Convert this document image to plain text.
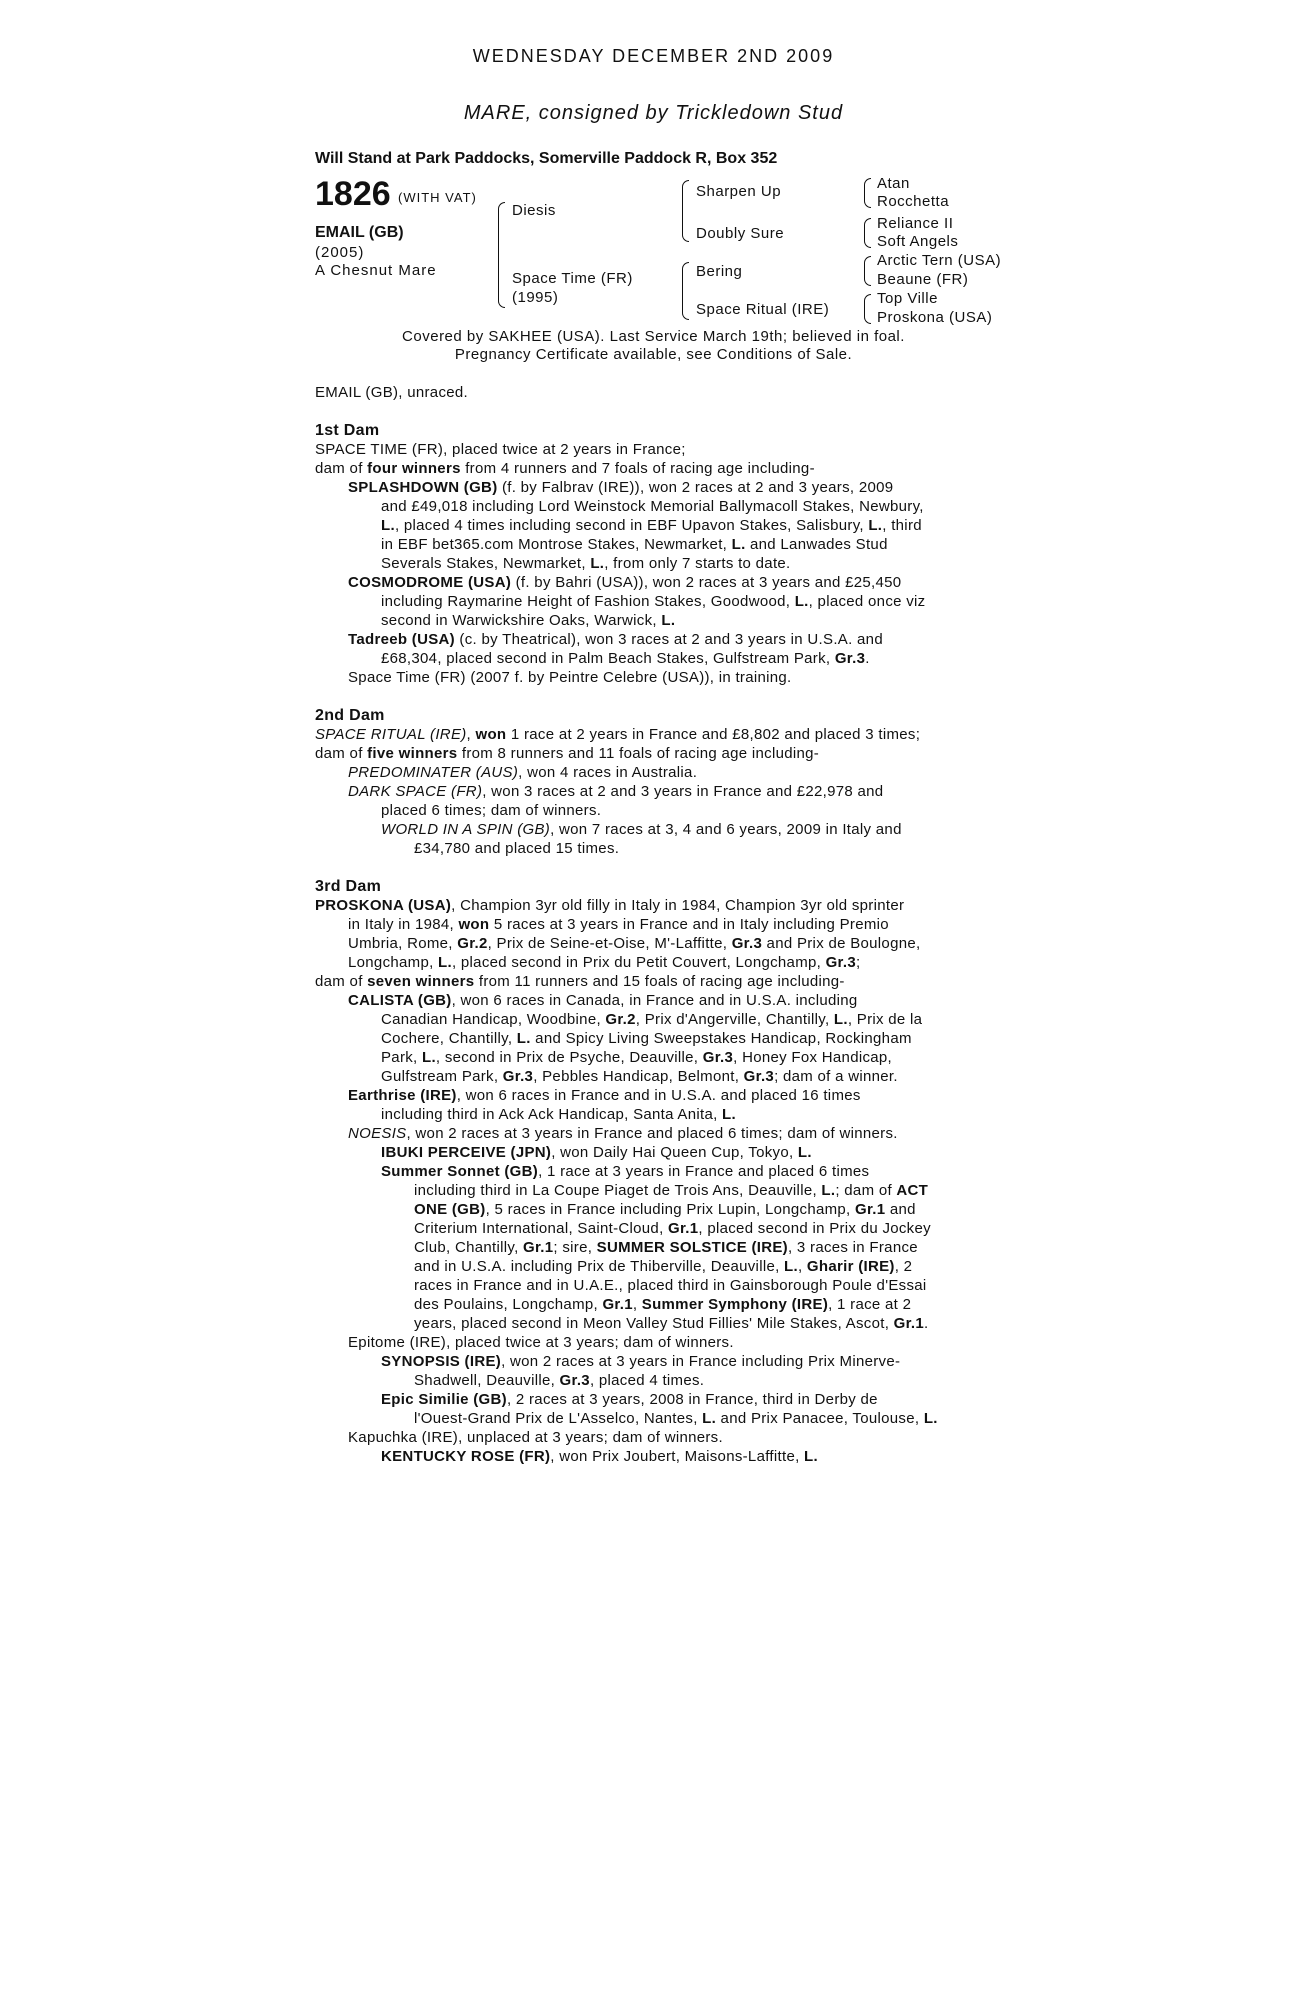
WEDNESDAY DECEMBER 2ND 2009
MARE, consigned by Trickledown Stud
Will Stand at Park Paddocks, Somerville Paddock R, Box 352
1826 (WITH VAT)
EMAIL (GB)
(2005)
A Chesnut Mare
Diesis
Space Time (FR)
(1995)
Sharpen Up
Doubly Sure
Bering
Space Ritual (IRE)
Atan
Rocchetta
Reliance II
Soft Angels
Arctic Tern (USA)
Beaune (FR)
Top Ville
Proskona (USA)
Covered by SAKHEE (USA). Last Service March 19th; believed in foal.
Pregnancy Certificate available, see Conditions of Sale.
EMAIL (GB), unraced.
1st Dam
SPACE TIME (FR), placed twice at 2 years in France;
dam of four winners from 4 runners and 7 foals of racing age including-
SPLASHDOWN (GB) (f. by Falbrav (IRE)), won 2 races at 2 and 3 years, 2009
and £49,018 including Lord Weinstock Memorial Ballymacoll Stakes, Newbury,
L., placed 4 times including second in EBF Upavon Stakes, Salisbury, L., third
in EBF bet365.com Montrose Stakes, Newmarket, L. and Lanwades Stud
Severals Stakes, Newmarket, L., from only 7 starts to date.
COSMODROME (USA) (f. by Bahri (USA)), won 2 races at 3 years and £25,450
including Raymarine Height of Fashion Stakes, Goodwood, L., placed once viz
second in Warwickshire Oaks, Warwick, L.
Tadreeb (USA) (c. by Theatrical), won 3 races at 2 and 3 years in U.S.A. and
£68,304, placed second in Palm Beach Stakes, Gulfstream Park, Gr.3.
Space Time (FR) (2007 f. by Peintre Celebre (USA)), in training.
2nd Dam
SPACE RITUAL (IRE), won 1 race at 2 years in France and £8,802 and placed 3 times;
dam of five winners from 8 runners and 11 foals of racing age including-
PREDOMINATER (AUS), won 4 races in Australia.
DARK SPACE (FR), won 3 races at 2 and 3 years in France and £22,978 and
placed 6 times; dam of winners.
WORLD IN A SPIN (GB), won 7 races at 3, 4 and 6 years, 2009 in Italy and
£34,780 and placed 15 times.
3rd Dam
PROSKONA (USA), Champion 3yr old filly in Italy in 1984, Champion 3yr old sprinter
in Italy in 1984, won 5 races at 3 years in France and in Italy including Premio
Umbria, Rome, Gr.2, Prix de Seine-et-Oise, M'-Laffitte, Gr.3 and Prix de Boulogne,
Longchamp, L., placed second in Prix du Petit Couvert, Longchamp, Gr.3;
dam of seven winners from 11 runners and 15 foals of racing age including-
CALISTA (GB), won 6 races in Canada, in France and in U.S.A. including
Canadian Handicap, Woodbine, Gr.2, Prix d'Angerville, Chantilly, L., Prix de la
Cochere, Chantilly, L. and Spicy Living Sweepstakes Handicap, Rockingham
Park, L., second in Prix de Psyche, Deauville, Gr.3, Honey Fox Handicap,
Gulfstream Park, Gr.3, Pebbles Handicap, Belmont, Gr.3; dam of a winner.
Earthrise (IRE), won 6 races in France and in U.S.A. and placed 16 times
including third in Ack Ack Handicap, Santa Anita, L.
NOESIS, won 2 races at 3 years in France and placed 6 times; dam of winners.
IBUKI PERCEIVE (JPN), won Daily Hai Queen Cup, Tokyo, L.
Summer Sonnet (GB), 1 race at 3 years in France and placed 6 times
including third in La Coupe Piaget de Trois Ans, Deauville, L.; dam of ACT
ONE (GB), 5 races in France including Prix Lupin, Longchamp, Gr.1 and
Criterium International, Saint-Cloud, Gr.1, placed second in Prix du Jockey
Club, Chantilly, Gr.1; sire, SUMMER SOLSTICE (IRE), 3 races in France
and in U.S.A. including Prix de Thiberville, Deauville, L., Gharir (IRE), 2
races in France and in U.A.E., placed third in Gainsborough Poule d'Essai
des Poulains, Longchamp, Gr.1, Summer Symphony (IRE), 1 race at 2
years, placed second in Meon Valley Stud Fillies' Mile Stakes, Ascot, Gr.1.
Epitome (IRE), placed twice at 3 years; dam of winners.
SYNOPSIS (IRE), won 2 races at 3 years in France including Prix Minerve-
Shadwell, Deauville, Gr.3, placed 4 times.
Epic Similie (GB), 2 races at 3 years, 2008 in France, third in Derby de
l'Ouest-Grand Prix de L'Asselco, Nantes, L. and Prix Panacee, Toulouse, L.
Kapuchka (IRE), unplaced at 3 years; dam of winners.
KENTUCKY ROSE (FR), won Prix Joubert, Maisons-Laffitte, L.
